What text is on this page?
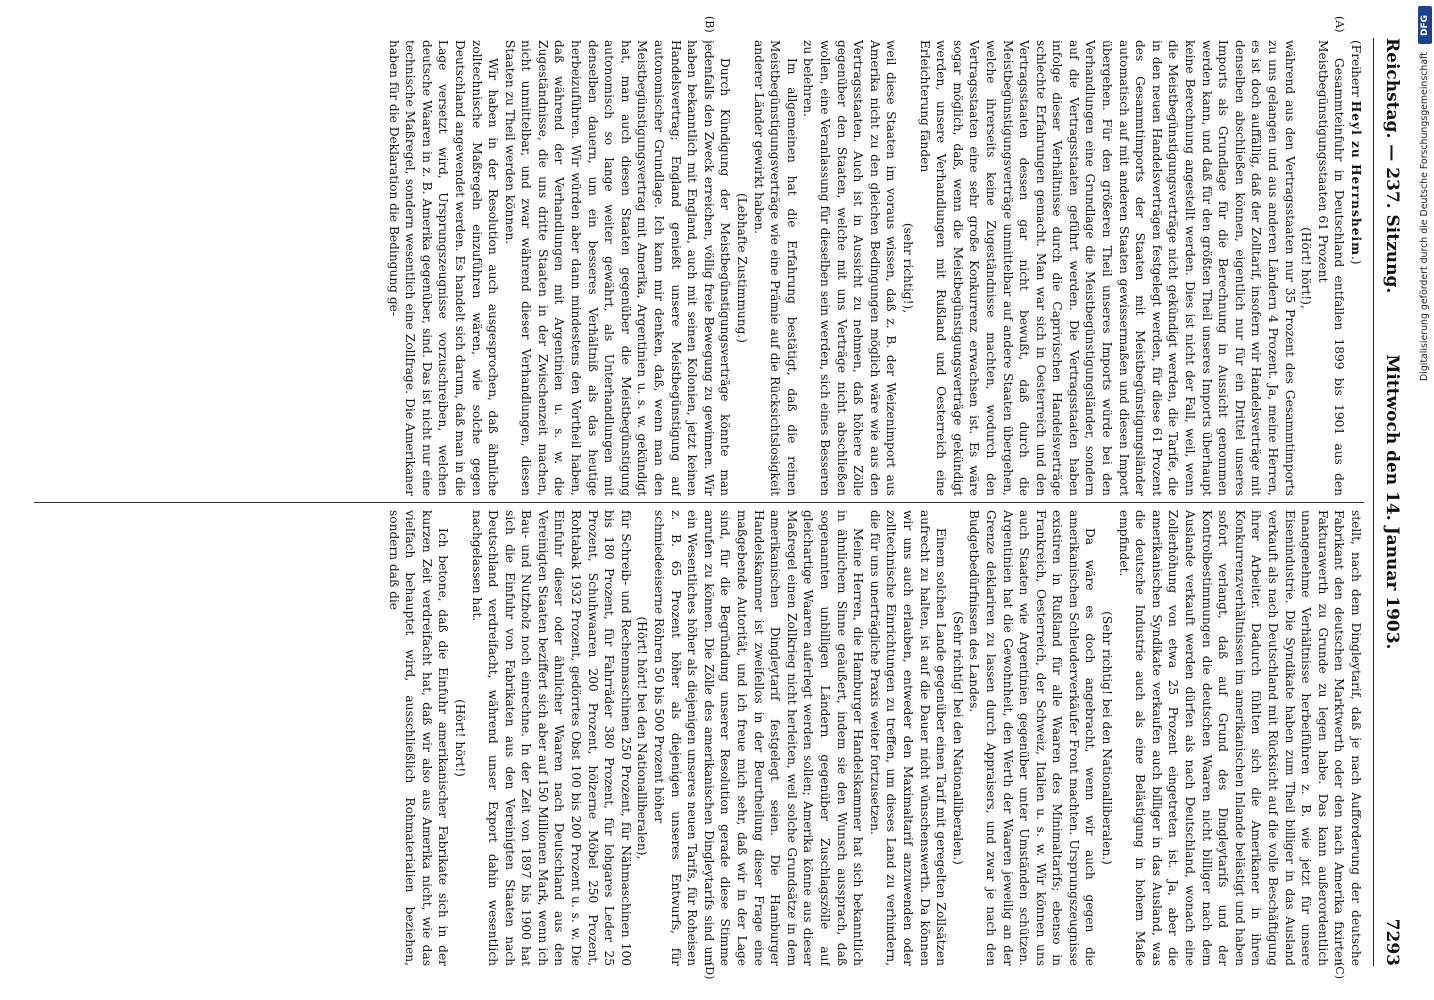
Reichstag. — 237. Sitzung.
Mittwoch den 14. Januar 1903.
7293
(A)
(B)
(C)
(D)

(Freiherr Heyl zu Herrnsheim.)

Gesammteinfuhr in Deutschland entfallen 1899 bis 1901 aus den Meistbegünstigungsstaaten 61 Prozent

(Hört! hört!),

während aus den Vertragsstaaten nur 35 Prozent des Gesammtimports zu uns gelangen und aus anderen Ländern 4 Prozent. Ja, meine Herren, es ist doch auffällig, daß der Zolltarif, insofern wir Handelsverträge mit denselben abschließen können, eigentlich nur für ein Drittel unseres Imports als Grundlage für die Berechnung in Aussicht genommen werden kann, und daß für den größten Theil unseres Imports überhaupt keine Berechnung angestellt werden. Dies ist nicht der Fall, weil, wenn die Meistbegünstigungsverträge nicht gekündigt werden, die Tarife, die in den neuen Handelsverträgen festgelegt werden, für diese 61 Prozent des Gesammtimports der Staaten mit Meistbegünstigungsländer automatisch auf mit anderen Staaten gewissermaßen und diesen Import übergehen. Für den größeren Theil unseres Imports würde bei den Verhandlungen eine Grundlage die Meistbegünstigungsländer, sondern auf die Vertragsstaaten geführt werden. Die Vertragsstaaten haben infolge dieser Verhältnisse durch die Caprivischen Handelsverträge schlechte Erfahrungen gemacht. Man war sich in Oesterreich und den Vertragsstaaten dessen gar nicht bewußt, daß durch die Meistbegünstigungsverträge unmittelbar auf andere Staaten übergehen, welche ihrerseits keine Zugeständnisse machten, wodurch den Vertragsstaaten eine sehr große Konkurrenz erwachsen ist. Es wäre sogar möglich, daß, wenn die Meistbegünstigungsverträge gekündigt werden, unsere Verhandlungen mit Rußland und Oesterreich eine Erleichterung fänden

(sehr richtig!),

weil diese Staaten im voraus wissen, daß z. B. der Weizenimport aus Amerika nicht zu den gleichen Bedingungen möglich wäre wie aus den Vertragsstaaten. Auch ist in Aussicht zu nehmen, daß höhere Zölle gegenüber den Staaten, welche mit uns Verträge nicht abschließen wollen, eine Veranlassung für dieselben sein werden, sich eines Besseren zu belehren.

Im allgemeinen hat die Erfahrung bestätigt, daß die reinen Meistbegünstigungsverträge wie eine Prämie auf die Rücksichtslosigkeit anderer Länder gewirkt haben.

(Lebhafte Zustimmung.)

Durch Kündigung der Meistbegünstigungsverträge könnte man jedenfalls den Zweck erreichen, völlig freie Bewegung zu gewinnen. Wir haben bekanntlich mit England, auch mit seinen Kolonien, jetzt keinen Handelsvertrag; England genießt unsere Meistbegünstigung auf autonomischer Grundlage. Ich kann mir denken, daß, wenn man den Meistbegünstigungsvertrag mit Amerika, Argentinien u. s. w. gekündigt hat, man auch diesen Staaten gegenüber die Meistbegünstigung autonomisch so lange weiter gewährt, als Unterhandlungen mit denselben dauern, um ein besseres Verhältniß als das heutige herbeizuführen. Wir würden aber dann mindestens den Vortheil haben, daß während der Verhandlungen mit Argentinien u. s. w. die Zugeständnisse, die uns dritte Staaten in der Zwischenzeit machen, nicht unmittelbar, und zwar während dieser Verhandlungen, diesen Staaten zu Theil werden können.

Wir haben in der Resolution auch ausgesprochen, daß ähnliche zolltechnische Maßregeln einzuführen wären, wie solche gegen Deutschland angewendet werden. Es handelt sich darum, daß man in die Lage versetzt wird, Ursprungszeugnisse vorzuschreiben, welchen deutsche Waaren in z. B. Amerika gegenüber, sind. Das ist nicht nur eine technische Maßregel, sondern wesentlich eine Zollfrage. Die Amerikaner haben für die Deklaration die Bedingung ge-

stellt, nach dem Dingleytarif, daß je nach Aufforderung der deutsche Fabrikant den deutschen Marktwerth oder den nach Amerika fixirten Fakturawerth zu Grunde zu legen habe. Das kann außerordentlich unangenehme Verhältnisse herbeiführen z. B. wie jetzt für unsere Eisenindustrie. Die Syndikate haben zum Theil billiger in das Ausland verkauft als nach Deutschland mit Rücksicht auf die volle Beschäftigung ihrer Arbeiter. Dadurch fühlten sich die Amerikaner in ihren Konkurrenzverhältnissen im amerikanischen Inlande belästigt und haben sofort verlangt, daß auf Grund des Dingleytarifs und der Kontrolbestimmungen die deutschen Waaren nicht billiger nach dem Auslande verkauft werden dürfen als nach Deutschland, wonach eine Zollerhöhung von etwa 25 Prozent eingetreten ist. Ja, aber die amerikanischen Syndikate verkaufen auch billiger in das Ausland, was die deutsche Industrie auch als eine Belästigung in hohem Maße empfindet.

(Sehr richtig! bei den Nationalliberalen.)

Da wäre es doch angebracht, wenn wir auch gegen die amerikanischen Schleuderverkäufer Front machten. Ursprungszeugnisse existiren in Rußland für alle Waaren des Minimaltarifs; ebenso in Frankreich, Oesterreich, der Schweiz, Italien u. s. w. Wir können uns auch Staaten wie Argentinien gegenüber unter Umständen schützen. Argentinien hat die Gewohnheit, den Werth der Waaren jeweilig an der Grenze deklariren zu lassen durch Appraisers, und zwar je nach den Budgetbedürfnissen des Landes.

(Sehr richtig! bei den Nationalliberalen.)

Einem solchen Lande gegenüber einen Tarif mit geregelten Zollsätzen aufrecht zu halten, ist auf die Dauer nicht wünschenswerth. Da können wir uns auch erlauben, entweder den Maximaltarif anzuwenden oder zolltechnische Einrichtungen zu treffen, um dieses Land zu verhindern, die für uns unerträgliche Praxis weiter fortzusetzen.

Meine Herren, die Hamburger Handelskammer hat sich bekanntlich in ähnlichem Sinne geäußert, indem sie den Wunsch aussprach, daß sogenannten unbilligen Ländern gegenüber Zuschlagszölle auf gleichartige Waaren auferlegt werden sollen; Amerika könne aus dieser Maßregel einen Zollkrieg nicht herleiten, weil solche Grundsätze in dem amerikanischen Dingleytarif festgelegt seien. Die Hamburger Handelskammer ist zweifellos in der Beurtheilung dieser Frage eine maßgebende Autorität, und ich freue mich sehr, daß wir in der Lage sind, für die Begründung unserer Resolution gerade diese Stimme anrufen zu können. Die Zölle des amerikanischen Dingleytarifs sind um ein Wesentliches höher als diejenigen unseres neuen Tarifs, für Roheisen z. B. 65 Prozent höher als diejenigen unseres Entwurfs, für schmiedeeiserne Röhren 50 bis 500 Prozent höher

(Hört! hört! bei den Nationalliberalen),

für Schreib- und Rechenmaschinen 250 Prozent, für Nähmaschinen 100 bis 180 Prozent, für Fahrräder 380 Prozent, für lohgares Leder 25 Prozent, Schuhwaaren 200 Prozent, hölzerne Möbel 250 Prozent, Rohtabak 1932 Prozent, gedörrtes Obst 100 bis 200 Prozent u. s. w. Die Einfuhr dieser oder ähnlicher Waaren nach Deutschland aus den Vereinigten Staaten beziffert sich aber auf 150 Millionen Mark, wenn ich Bau- und Nutzholz noch einrechne. In der Zeit von 1897 bis 1900 hat sich die Einfuhr von Fabrikaten aus den Vereinigten Staaten nach Deutschland verdreifacht, während unser Export dahin wesentlich nachgelassen hat.

(Hört! hört!)

Ich betone, daß die Einfuhr amerikanischer Fabrikate sich in der kurzen Zeit verdreifacht hat, daß wir also aus Amerika nicht, wie das vielfach behauptet wird, ausschließlich Rohmaterialien beziehen, sondern daß die

DFG
Digitalisierung gefördert durch die Deutsche Forschungsgemeinschaft
